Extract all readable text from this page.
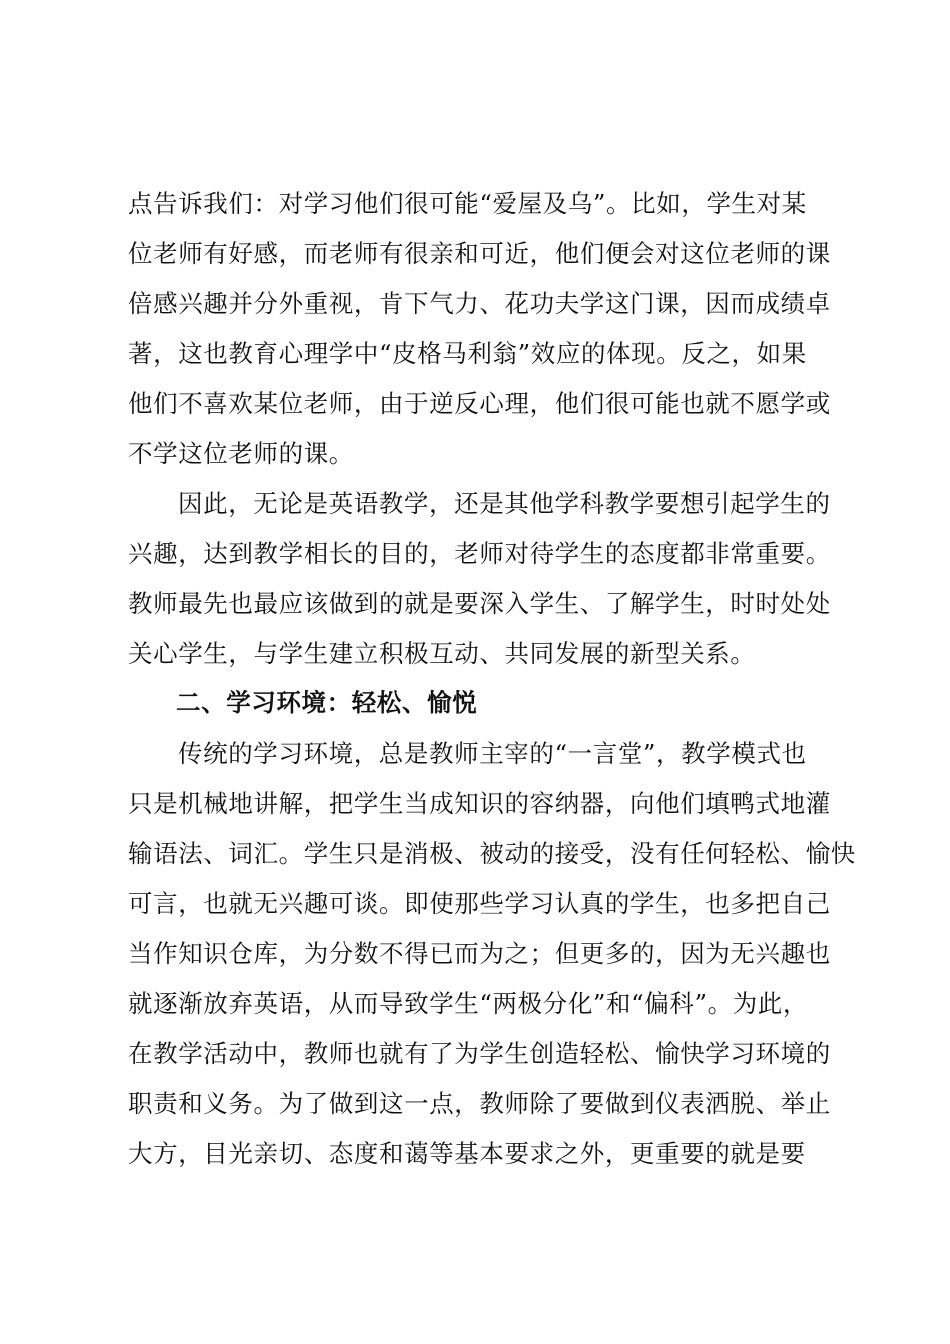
点告诉我们：对学习他们很可能“爱屋及乌”。比如，学生对某
位老师有好感，而老师有很亲和可近，他们便会对这位老师的课
倍感兴趣并分外重视，肯下气力、花功夫学这门课，因而成绩卓
著，这也教育心理学中“皮格马利翁”效应的体现。反之，如果
他们不喜欢某位老师，由于逆反心理，他们很可能也就不愿学或
不学这位老师的课。
因此，无论是英语教学，还是其他学科教学要想引起学生的
兴趣，达到教学相长的目的，老师对待学生的态度都非常重要。
教师最先也最应该做到的就是要深入学生、了解学生，时时处处
关心学生，与学生建立积极互动、共同发展的新型关系。
二、学习环境：轻松、愉悦
传统的学习环境，总是教师主宰的“一言堂”，教学模式也
只是机械地讲解，把学生当成知识的容纳器，向他们填鸭式地灌
输语法、词汇。学生只是消极、被动的接受，没有任何轻松、愉快
可言，也就无兴趣可谈。即使那些学习认真的学生，也多把自己
当作知识仓库，为分数不得已而为之；但更多的，因为无兴趣也
就逐渐放弃英语，从而导致学生“两极分化”和“偏科”。为此，
在教学活动中，教师也就有了为学生创造轻松、愉快学习环境的
职责和义务。为了做到这一点，教师除了要做到仪表洒脱、举止
大方，目光亲切、态度和蔼等基本要求之外，更重要的就是要
